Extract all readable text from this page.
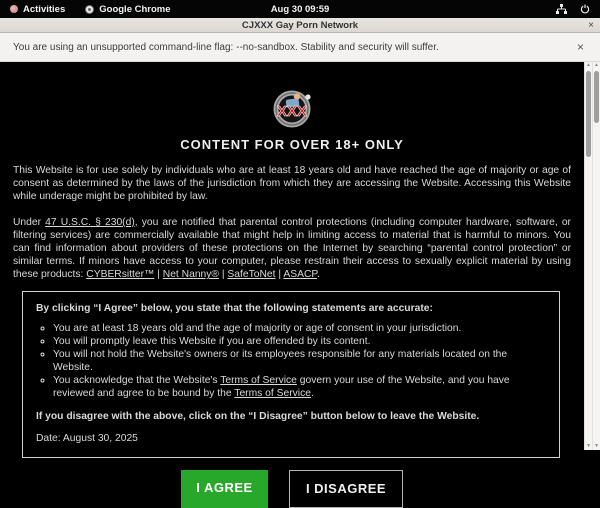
Activities	Google Chrome	Aug 30 09:59
CJXXX Gay Porn Network	×
You are using an unsupported command-line flag: --no-sandbox. Stability and security will suffer.	×
XXX
CONTENT FOR OVER 18+ ONLY

This Website is for use solely by individuals who are at least 18 years old and have reached the age of majority or age of consent as determined by the laws of the jurisdiction from which they are accessing the Website. Accessing this Website while underage might be prohibited by law.

Under 47 U.S.C. § 230(d), you are notified that parental control protections (including computer hardware, software, or filtering services) are commercially available that might help in limiting access to material that is harmful to minors. You can find information about providers of these protections on the Internet by searching “parental control protection” or similar terms. If minors have access to your computer, please restrain their access to sexually explicit material by using these products: CYBERsitter™ | Net Nanny® | SafeToNet | ASACP.

By clicking “I Agree” below, you state that the following statements are accurate:
◦ You are at least 18 years old and the age of majority or age of consent in your jurisdiction.
◦ You will promptly leave this Website if you are offended by its content.
◦ You will not hold the Website's owners or its employees responsible for any materials located on the Website.
◦ You acknowledge that the Website's Terms of Service govern your use of the Website, and you have reviewed and agree to be bound by the Terms of Service.
If you disagree with the above, click on the “I Disagree” button below to leave the Website.
Date: August 30, 2025
I AGREE	I DISAGREE
▲
▼
▲
▼
